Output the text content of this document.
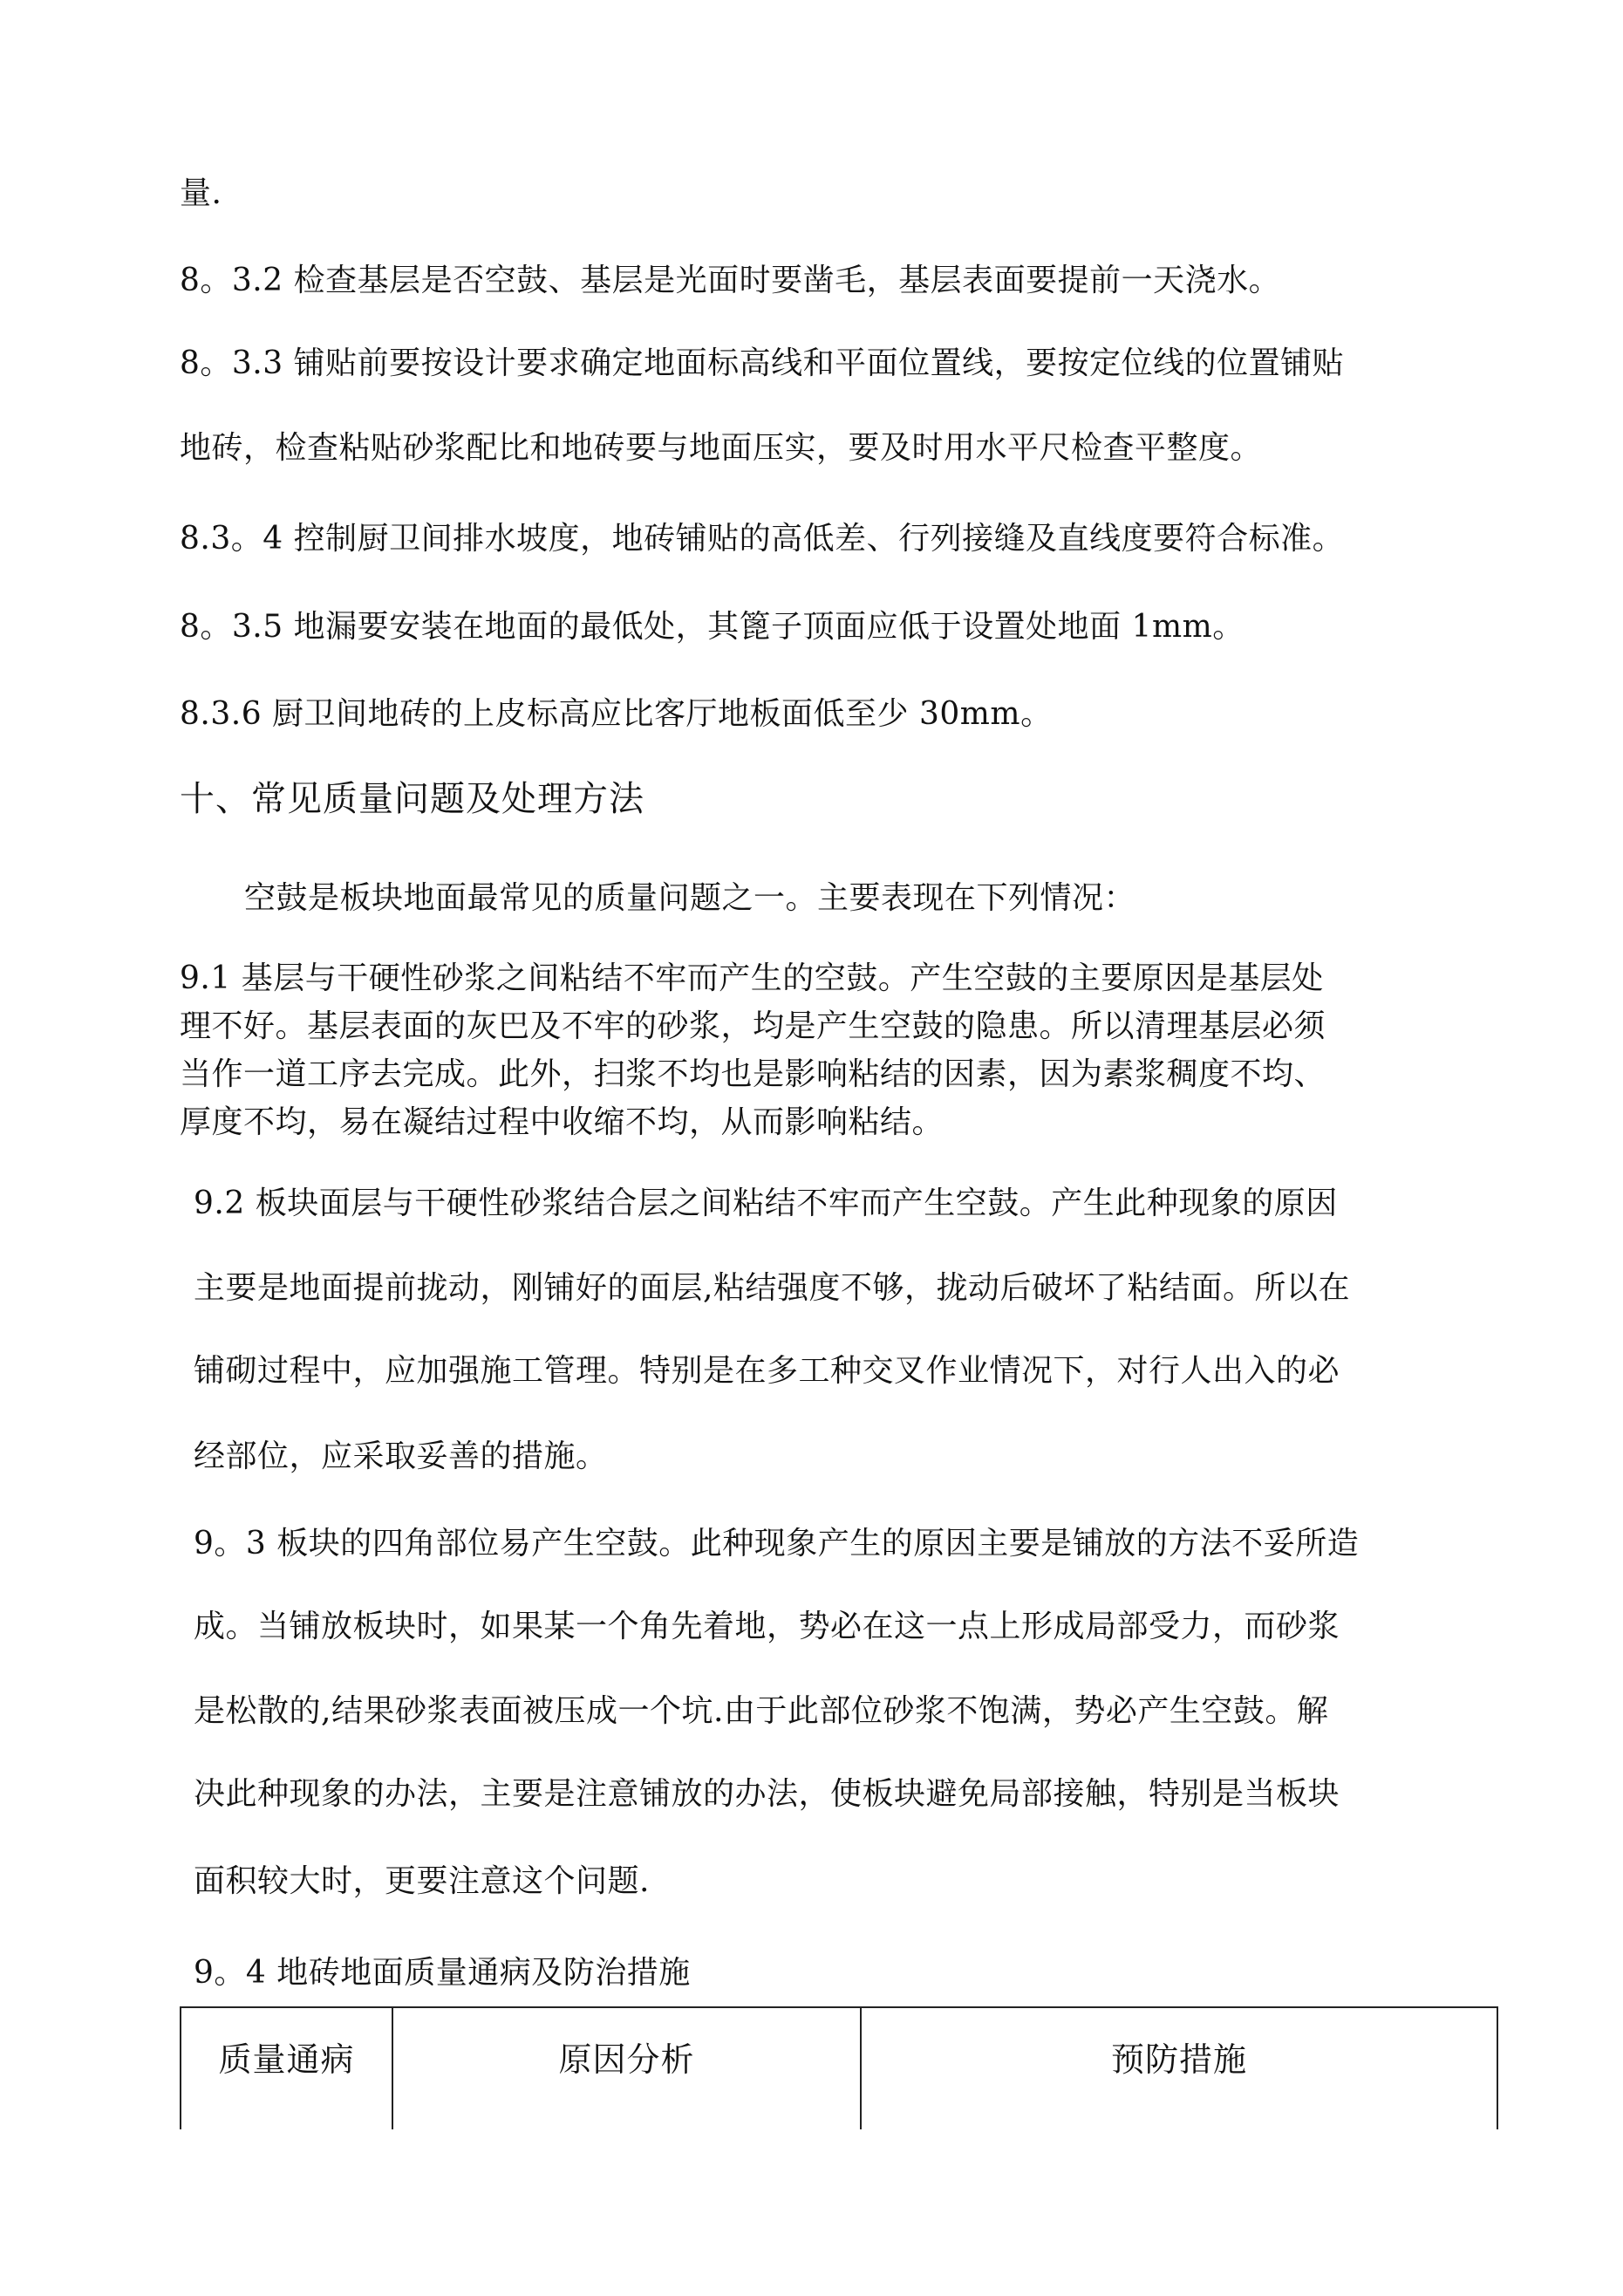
量.
8。3.2 检查基层是否空鼓、基层是光面时要凿毛，基层表面要提前一天浇水。
8。3.3 铺贴前要按设计要求确定地面标高线和平面位置线，要按定位线的位置铺贴
地砖，检查粘贴砂浆配比和地砖要与地面压实，要及时用水平尺检查平整度。
8.3。4 控制厨卫间排水坡度，地砖铺贴的高低差、行列接缝及直线度要符合标准。
8。3.5 地漏要安装在地面的最低处，其篦子顶面应低于设置处地面 1mm。
8.3.6 厨卫间地砖的上皮标高应比客厅地板面低至少 30mm。
十、常见质量问题及处理方法
空鼓是板块地面最常见的质量问题之一。主要表现在下列情况：
9.1 基层与干硬性砂浆之间粘结不牢而产生的空鼓。产生空鼓的主要原因是基层处
理不好。基层表面的灰巴及不牢的砂浆，均是产生空鼓的隐患。所以清理基层必须
当作一道工序去完成。此外，扫浆不均也是影响粘结的因素，因为素浆稠度不均、
厚度不均，易在凝结过程中收缩不均，从而影响粘结。
9.2 板块面层与干硬性砂浆结合层之间粘结不牢而产生空鼓。产生此种现象的原因
主要是地面提前拢动，刚铺好的面层,粘结强度不够，拢动后破坏了粘结面。所以在
铺砌过程中，应加强施工管理。特别是在多工种交叉作业情况下，对行人出入的必
经部位，应采取妥善的措施。
9。3 板块的四角部位易产生空鼓。此种现象产生的原因主要是铺放的方法不妥所造
成。当铺放板块时，如果某一个角先着地，势必在这一点上形成局部受力，而砂浆
是松散的,结果砂浆表面被压成一个坑.由于此部位砂浆不饱满，势必产生空鼓。解
决此种现象的办法，主要是注意铺放的办法，使板块避免局部接触，特别是当板块
面积较大时，更要注意这个问题.
9。4 地砖地面质量通病及防治措施
质量通病	原因分析	预防措施
